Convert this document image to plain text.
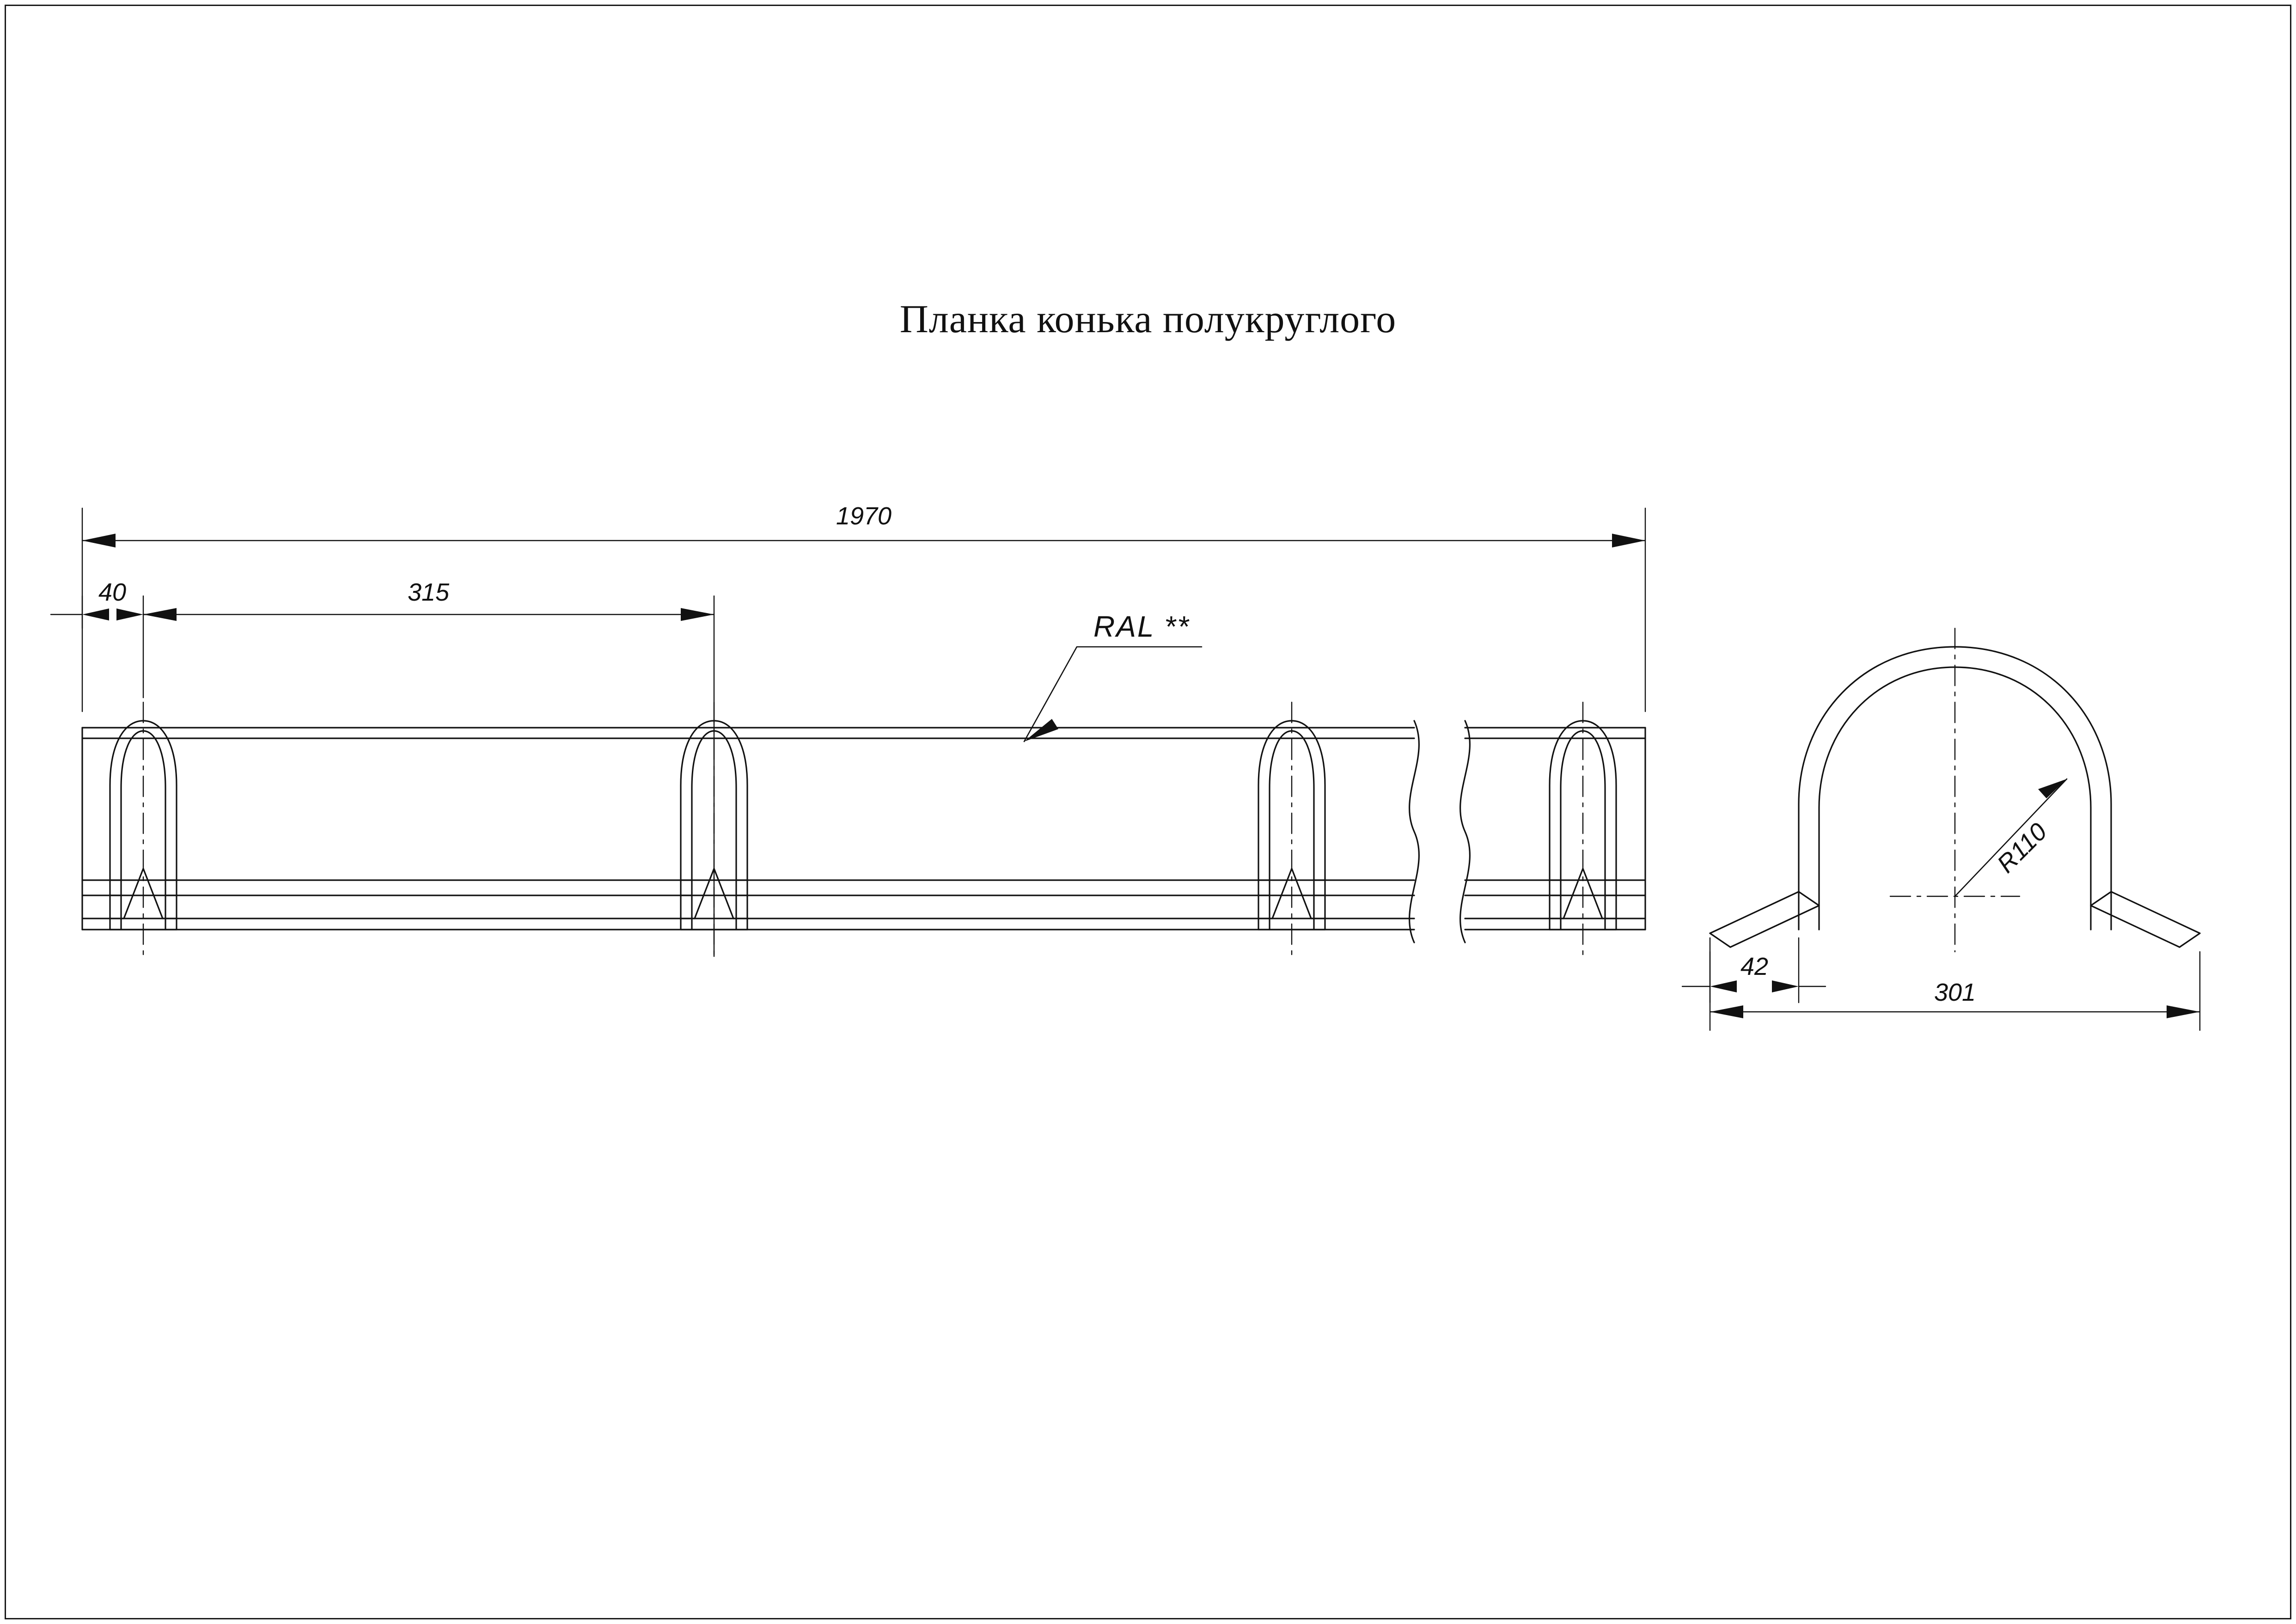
Планка конька полукруглого
1970
40	315
RAL **
R110
42
301
